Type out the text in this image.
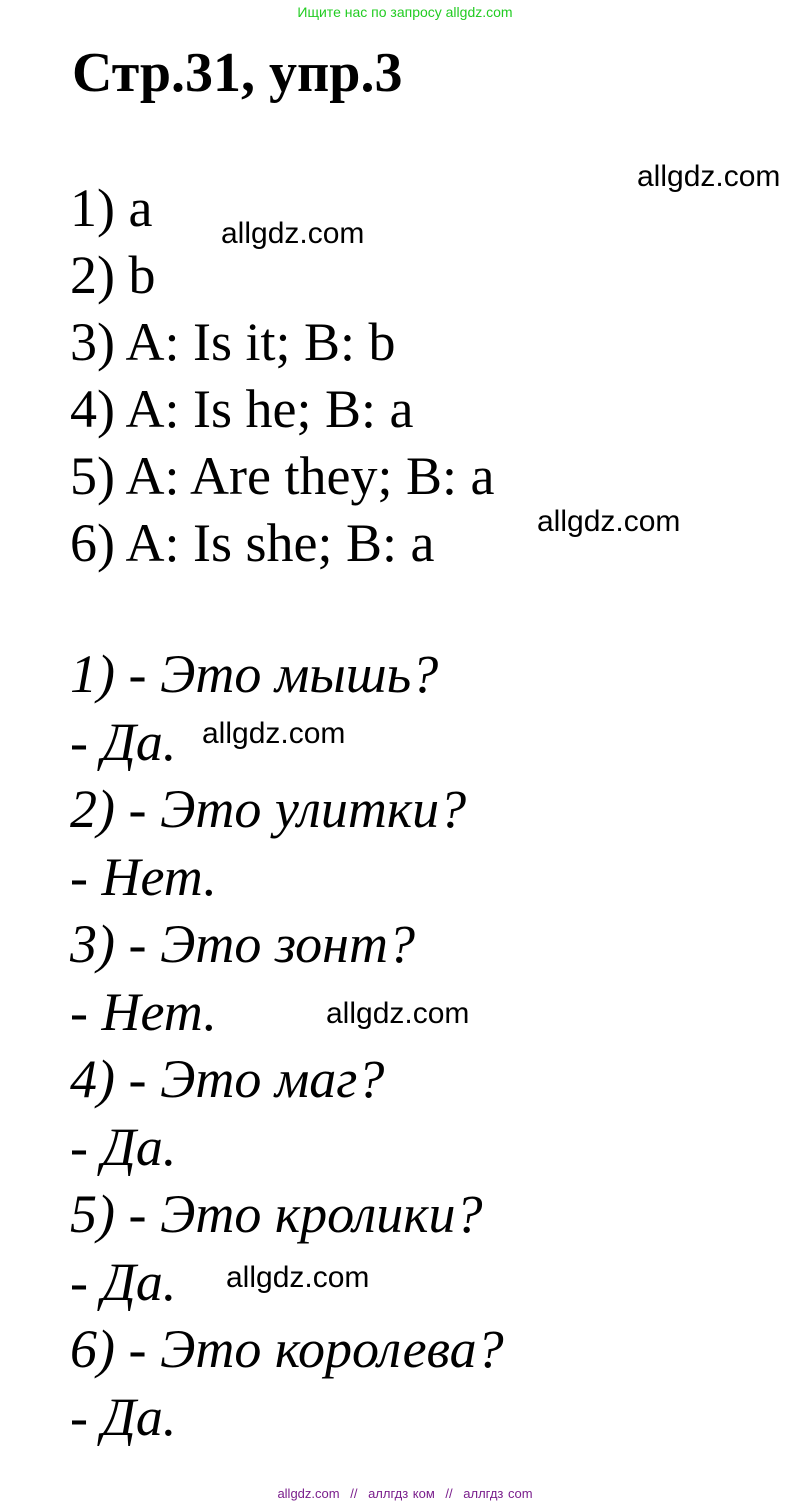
Ищите нас по запросу allgdz.com
Стр.31, упр.3
1) a
2) b
3) A: Is it; B: b
4) A: Is he; B: a
5) A: Are they; B: a
6) A: Is she; B: a
1) - Это мышь?
- Да.
2) - Это улитки?
- Нет.
3) - Это зонт?
- Нет.
4) - Это маг?
- Да.
5) - Это кролики?
- Да.
6) - Это королева?
- Да.
allgdz.com
allgdz.com
allgdz.com
allgdz.com
allgdz.com
allgdz.com
allgdz.com // аллгдз ком // аллгдз com
